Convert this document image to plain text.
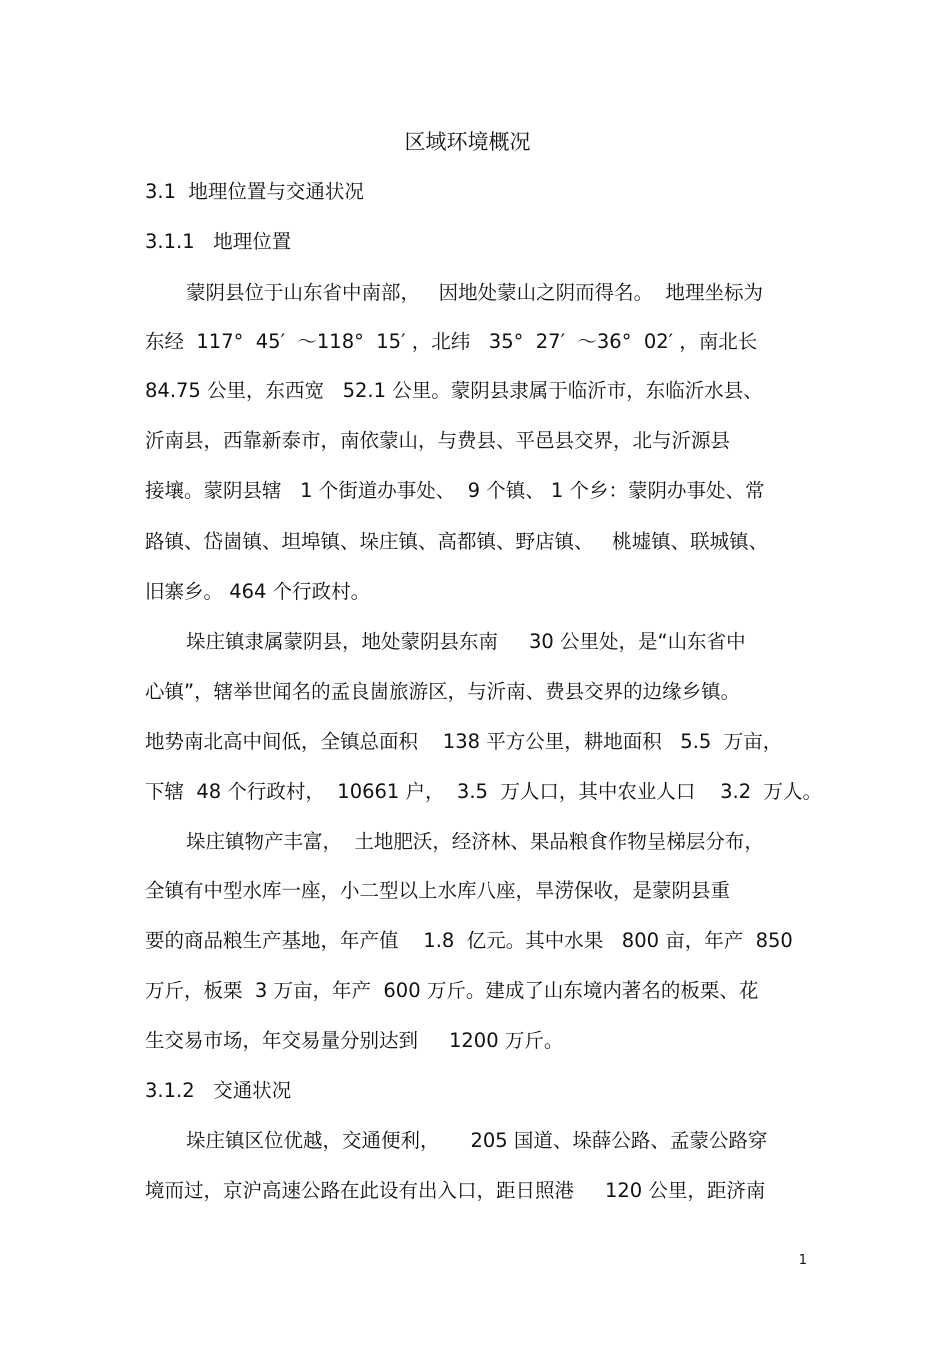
区域环境概况
3.1  地理位置与交通状况
3.1.1   地理位置
蒙阴县位于山东省中南部，   因地处蒙山之阴而得名。  地理坐标为
东经  117°  45′  ～118°  15′ ，北纬   35°  27′  ～36°  02′ ，南北长
84.75 公里，东西宽   52.1 公里。蒙阴县隶属于临沂市，东临沂水县、
沂南县，西靠新泰市，南依蒙山，与费县、平邑县交界，北与沂源县
接壤。蒙阴县辖   1 个街道办事处、  9 个镇、 1 个乡：蒙阴办事处、常
路镇、岱崮镇、坦埠镇、垛庄镇、高都镇、野店镇、   桃墟镇、联城镇、
旧寨乡。 464 个行政村。
垛庄镇隶属蒙阴县，地处蒙阴县东南     30 公里处，是“山东省中
心镇”，辖举世闻名的孟良崮旅游区，与沂南、费县交界的边缘乡镇。
地势南北高中间低，全镇总面积    138 平方公里，耕地面积   5.5  万亩，
下辖  48 个行政村，  10661 户，  3.5  万人口，其中农业人口    3.2  万人。
垛庄镇物产丰富，  土地肥沃，经济林、果品粮食作物呈梯层分布，
全镇有中型水库一座，小二型以上水库八座，旱涝保收，是蒙阴县重
要的商品粮生产基地，年产值    1.8  亿元。其中水果   800 亩，年产  850
万斤，板栗  3 万亩，年产  600 万斤。建成了山东境内著名的板栗、花
生交易市场，年交易量分别达到     1200 万斤。
3.1.2   交通状况
垛庄镇区位优越，交通便利，     205 国道、垛薛公路、孟蒙公路穿
境而过，京沪高速公路在此设有出入口，距日照港     120 公里，距济南
1
